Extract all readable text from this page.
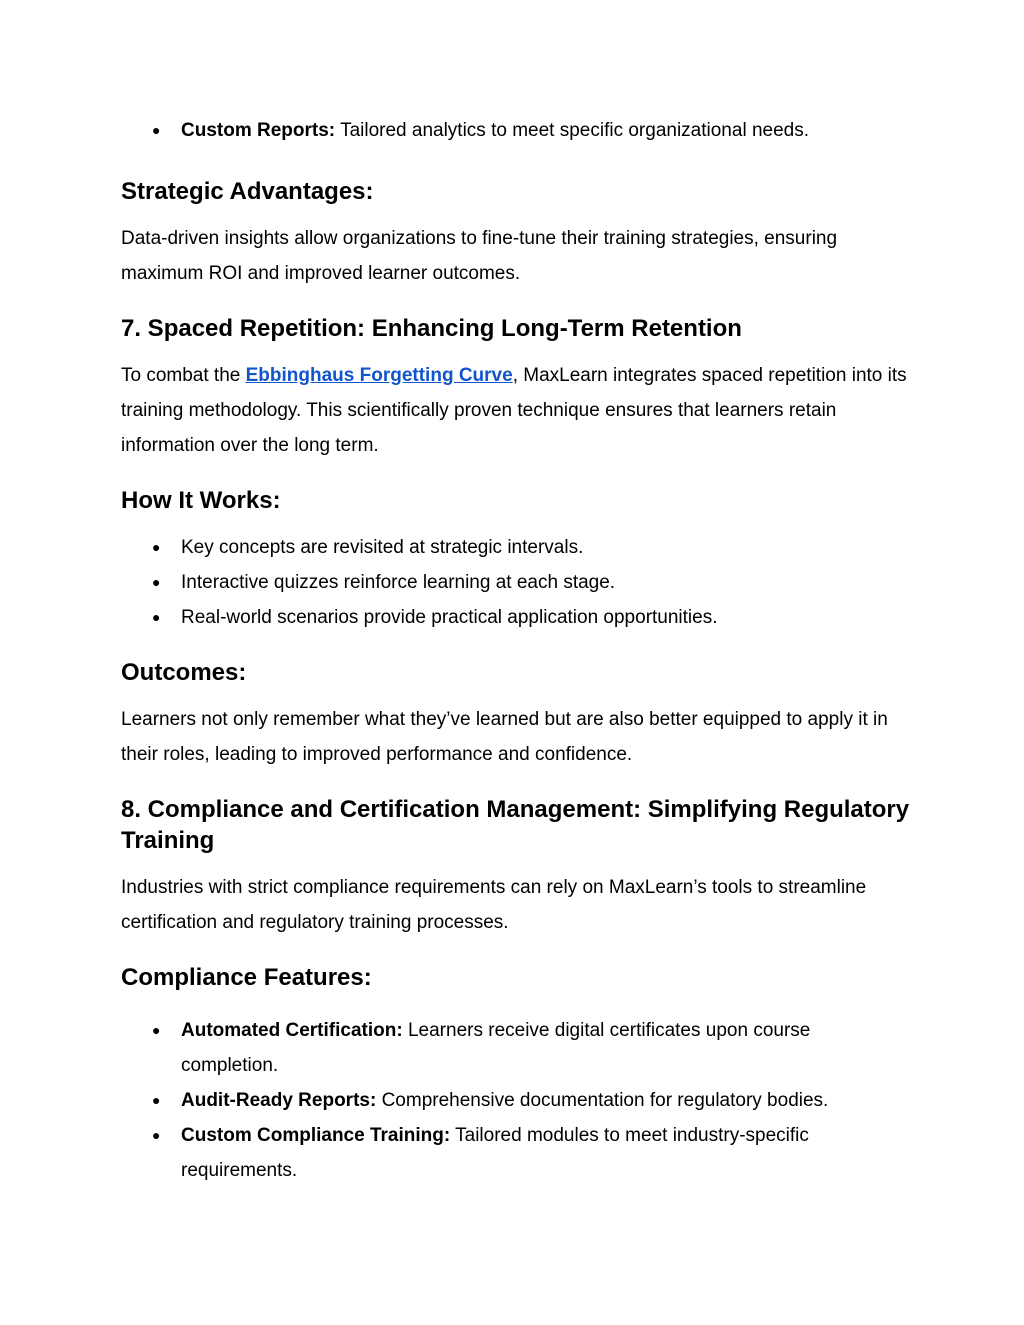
● Custom Reports: Tailored analytics to meet specific organizational needs.
Strategic Advantages:

Data-driven insights allow organizations to fine-tune their training strategies, ensuring maximum ROI and improved learner outcomes.

7. Spaced Repetition: Enhancing Long-Term Retention

To combat the Ebbinghaus Forgetting Curve, MaxLearn integrates spaced repetition into its training methodology. This scientifically proven technique ensures that learners retain information over the long term.

How It Works:
● Key concepts are revisited at strategic intervals.
● Interactive quizzes reinforce learning at each stage.
● Real-world scenarios provide practical application opportunities.
Outcomes:

Learners not only remember what they’ve learned but are also better equipped to apply it in their roles, leading to improved performance and confidence.

8. Compliance and Certification Management: Simplifying Regulatory Training

Industries with strict compliance requirements can rely on MaxLearn’s tools to streamline certification and regulatory training processes.

Compliance Features:
● Automated Certification: Learners receive digital certificates upon course completion.
● Audit-Ready Reports: Comprehensive documentation for regulatory bodies.
● Custom Compliance Training: Tailored modules to meet industry-specific requirements.
